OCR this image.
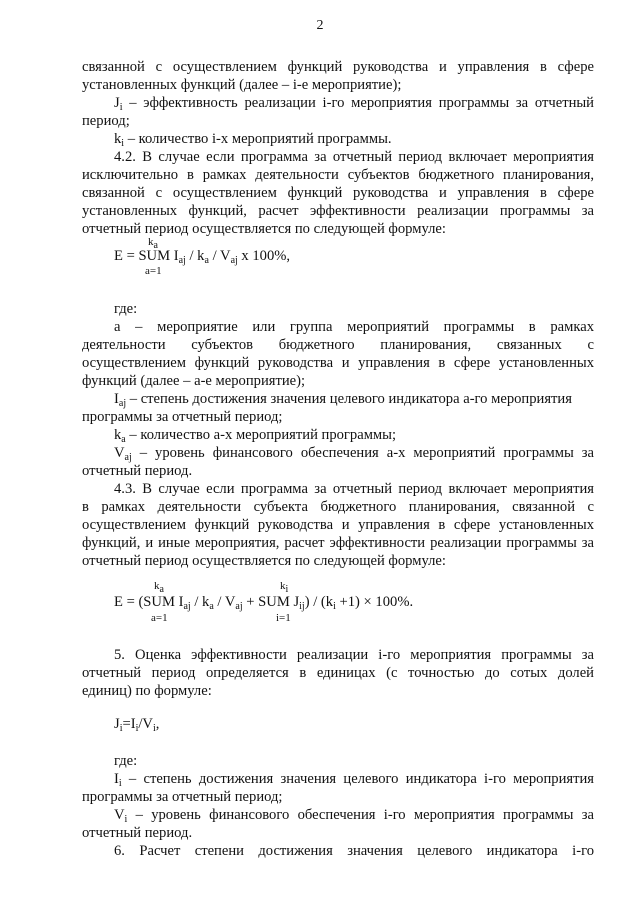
2
связанной с осуществлением функций руководства и управления в сфере
установленных функций (далее – i-е мероприятие);
$J_i$ – эффективность реализации i-го мероприятия программы за отчетный
период;
$k_i$ – количество i-х мероприятий программы.
4.2. В случае если программа за отчетный период включает мероприятия
исключительно в рамках деятельности субъектов бюджетного планирования,
связанной с осуществлением функций руководства и управления в сфере
установленных функций, расчет эффективности реализации программы за
отчетный период осуществляется по следующей формуле:
$k_a$
E = SUM $I_{aj} / k_a / V_{aj}$ x 100%,
a=1
где:
a – мероприятие или группа мероприятий программы в рамках
деятельности субъектов бюджетного планирования, связанных с
осуществлением функций руководства и управления в сфере установленных
функций (далее – a-е мероприятие);
$I_{aj}$ – степень достижения значения целевого индикатора a-го мероприятия
программы за отчетный период;
$k_a$ – количество a-х мероприятий программы;
$V_{aj}$ – уровень финансового обеспечения a-х мероприятий программы за
отчетный период.
4.3. В случае если программа за отчетный период включает мероприятия
в рамках деятельности субъекта бюджетного планирования, связанной с
осуществлением функций руководства и управления в сфере установленных
функций, и иные мероприятия, расчет эффективности реализации программы за
отчетный период осуществляется по следующей формуле:
$k_a$	$k_i$
E = (SUM $I_{aj} / k_a / V_{aj}$ + SUM $J_{ij}) / (k_i +1) \times 100\%$.
a=1	i=1
5. Оценка эффективности реализации i-го мероприятия программы за
отчетный период определяется в единицах (с точностью до сотых долей
единиц) по формуле:
$J_i=I_i/V_i$,
где:
$I_i$ – степень достижения значения целевого индикатора i-го мероприятия
программы за отчетный период;
$V_i$ – уровень финансового обеспечения i-го мероприятия программы за
отчетный период.
6. Расчет степени достижения значения целевого индикатора i-го
